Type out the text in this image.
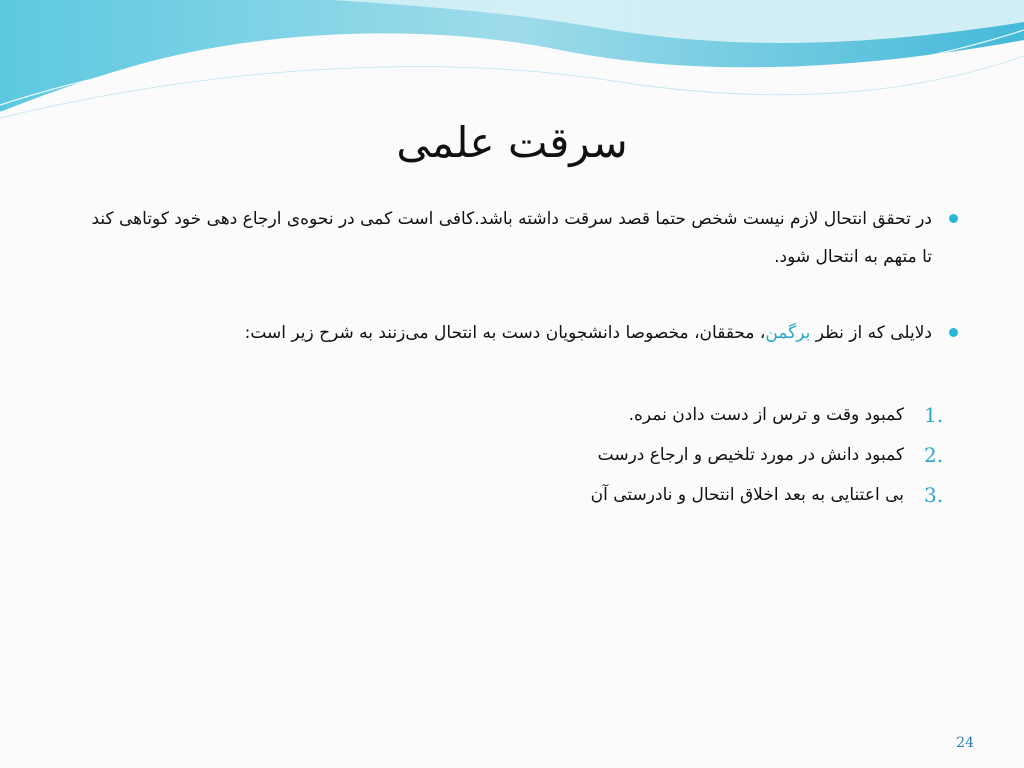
سرقت علمی
در تحقق انتحال لازم نیست شخص حتما قصد سرقت داشته باشد.کافی است کمی در نحوه‌ی ارجاع دهی خود کوتاهی کند تا متهم به انتحال شود.
دلایلی که از نظر برگمن، محققان، مخصوصا دانشجویان دست به انتحال می‌زنند به شرح زیر است:
1.
کمبود وقت و ترس از دست دادن نمره.
2.
کمبود دانش در مورد تلخیص و ارجاع درست
3.
بی اعتنایی به بعد اخلاق انتحال و نادرستی آن
24
